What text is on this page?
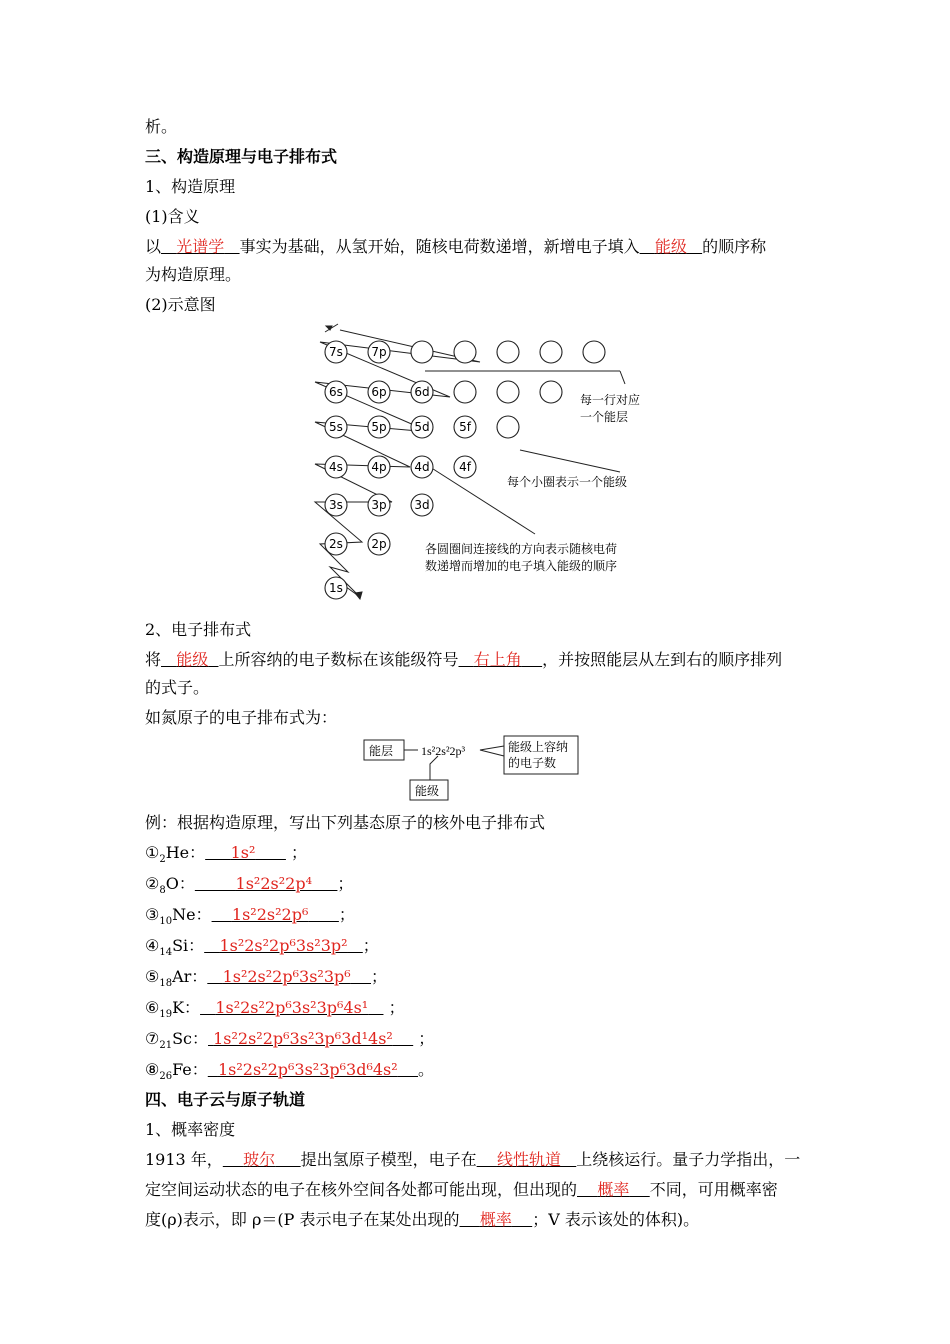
析。
三、构造原理与电子排布式
1、构造原理
(1)含义
以 光谱学 事实为基础，从氢开始，随核电荷数递增，新增电子填入 能级 的顺序称
为构造原理。
(2)示意图
7s 7p
6s 6p 6d
5s 5p 5d 5f
4s 4p 4d 4f
3s 3p 3d
2s 2p
1s
每一行对应
一个能层
每个小圈表示一个能级
各圆圈间连接线的方向表示随核电荷
数递增而增加的电子填入能级的顺序
2、电子排布式
将 能级 上所容纳的电子数标在该能级符号 右上角 ，并按照能层从左到右的顺序排列
的式子。
如氮原子的电子排布式为：
能层 1s²2s²2p³	能级上容纳
的电子数
能级
例：根据构造原理，写出下列基态原子的核外电子排布式
$①_2He$： 1s² ；
$②_8O$：	1s²2s²2p⁴ ；
$③_{10}Ne$： 1s²2s²2p⁶ ；
$④_{14}Si$： 1s²2s²2p⁶3s²3p² ；
$⑤_{18}Ar$： 1s²2s²2p⁶3s²3p⁶ ；
$⑥_{19}K$： 1s²2s²2p⁶3s²3p⁶4s¹ ；
$⑦_{21}Sc$： 1s²2s²2p⁶3s²3p⁶3d¹4s² ；
$⑧_{26}Fe$： 1s²2s²2p⁶3s²3p⁶3d⁶4s² 。
四、电子云与原子轨道
1、概率密度
1913 年， 玻尔 提出氢原子模型，电子在 线性轨道 上绕核运行。量子力学指出，一
定空间运动状态的电子在核外空间各处都可能出现，但出现的 概率 不同，可用概率密
度(ρ)表示，即 ρ＝(P 表示电子在某处出现的 概率 ；V 表示该处的体积)。
